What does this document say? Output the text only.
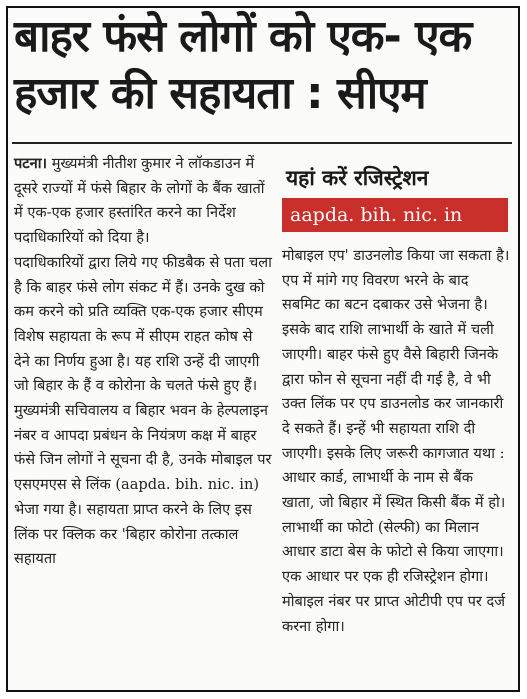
बाहर फंसे लोगों को एक- एक
हजार की सहायता : सीएम

पटना। मुख्यमंत्री नीतीश कुमार ने लॉकडाउन में दूसरे राज्यों में फंसे बिहार के लोगों के बैंक खातों में एक-एक हजार हस्तांरित करने का निर्देश पदाधिकारियों को दिया है।

पदाधिकारियों द्वारा लिये गए फीडबैक से पता चला है कि बाहर फंसे लोग संकट में हैं। उनके दुख को कम करने को प्रति व्यक्ति एक-एक हजार सीएम विशेष सहायता के रूप में सीएम राहत कोष से देने का निर्णय हुआ है। यह राशि उन्हें दी जाएगी जो बिहार के हैं व कोरोना के चलते फंसे हुए हैं। मुख्यमंत्री सचिवालय व बिहार भवन के हेल्पलाइन नंबर व आपदा प्रबंधन के नियंत्रण कक्ष में बाहर फंसे जिन लोगों ने सूचना दी है, उनके मोबाइल पर एसएमएस से लिंक (aapda. bih. nic. in) भेजा गया है। सहायता प्राप्त करने के लिए इस लिंक पर क्लिक कर 'बिहार कोरोना तत्काल सहायता

यहां करें रजिस्ट्रेशन
aapda. bih. nic. in

मोबाइल एप' डाउनलोड किया जा सकता है। एप में मांगे गए विवरण भरने के बाद सबमिट का बटन दबाकर उसे भेजना है। इसके बाद राशि लाभार्थी के खाते में चली जाएगी। बाहर फंसे हुए वैसे बिहारी जिनके द्वारा फोन से सूचना नहीं दी गई है, वे भी उक्त लिंक पर एप डाउनलोड कर जानकारी दे सकते हैं। इन्हें भी सहायता राशि दी जाएगी। इसके लिए जरूरी कागजात यथा : आधार कार्ड, लाभार्थी के नाम से बैंक खाता, जो बिहार में स्थित किसी बैंक में हो। लाभार्थी का फोटो (सेल्फी) का मिलान आधार डाटा बेस के फोटो से किया जाएगा। एक आधार पर एक ही रजिस्ट्रेशन होगा। मोबाइल नंबर पर प्राप्त ओटीपी एप पर दर्ज करना होगा।
